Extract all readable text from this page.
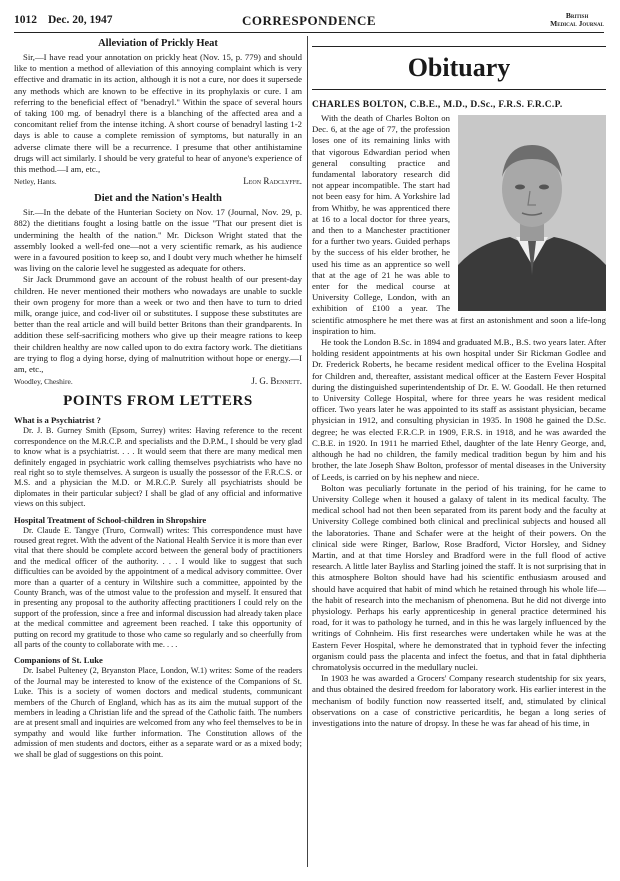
1012 Dec. 20, 1947	CORRESPONDENCE	British
Medical Journal
Alleviation of Prickly Heat

Sir,—I have read your annotation on prickly heat (Nov. 15, p. 779) and should like to mention a method of alleviation of this annoying complaint which is very effective and dramatic in its action, although it is not a cure, nor does it supersede any methods which are known to be effective in its prophylaxis or cure. I am referring to the beneficial effect of "benadryl." Within the space of several hours of taking 100 mg. of benadryl there is a blanching of the affected area and a concomitant relief from the intense itching. A short course of benadryl lasting 1-2 days is able to cause a complete remission of symptoms, but naturally in an adverse climate there will be a recurrence. I presume that other antihistamine drugs will act similarly. I should be very grateful to hear of anyone's experience of this method.—I am, etc.,

Netley, Hants.	Leon Radclyffe.
Diet and the Nation's Health

Sir.—In the debate of the Hunterian Society on Nov. 17 (Journal, Nov. 29, p. 882) the dietitians fought a losing battle on the issue "That our present diet is undermining the health of the nation." Mr. Dickson Wright stated that the assembly looked a well-fed one—not a very scientific remark, as his audience were in a favoured position to keep so, and I doubt very much whether he himself was living on the calorie level he suggested as adequate for others.

Sir Jack Drummond gave an account of the robust health of our present-day children. He never mentioned their mothers who nowadays are unable to suckle their own progeny for more than a week or two and then have to turn to dried milk, orange juice, and cod-liver oil or substitutes. I suppose these substitutes are better than the real article and will build better Britons than their grandparents. In addition these self-sacrificing mothers who give up their meagre rations to keep their children healthy are now called upon to do extra factory work. The dietitians are trying to flog a dying horse, dying of malnutrition without hope or energy.—I am, etc.,

Woodley, Cheshire.	J. G. Bennett.
POINTS FROM LETTERS
What is a Psychiatrist ?

Dr. J. B. Gurney Smith (Epsom, Surrey) writes: Having reference to the recent correspondence on the M.R.C.P. and specialists and the D.P.M., I should be very glad to know what is a psychiatrist. . . . It would seem that there are many medical men definitely engaged in psychiatric work calling themselves psychiatrists who have no real right so to style themselves. A surgeon is usually the possessor of the F.R.C.S. or M.S. and a physician the M.D. or M.R.C.P. Surely all psychiatrists should be diplomates in their particular subject? I shall be glad of any official and informative views on this subject.

Hospital Treatment of School-children in Shropshire

Dr. Claude E. Tangye (Truro, Cornwall) writes: This correspondence must have roused great regret. With the advent of the National Health Service it is more than ever vital that there should be complete accord between the general body of practitioners and the medical officer of the authority. . . . I would like to suggest that such difficulties can be avoided by the appointment of a medical advisory committee. Over more than a quarter of a century in Wiltshire such a committee, appointed by the County Branch, was of the utmost value to the profession and myself. It ensured that in presenting any proposal to the authority affecting practitioners I could rely on the support of the profession, since a free and informal discussion had already taken place at the medical committee and agreement been reached. I take this opportunity of putting on record my gratitude to those who came so regularly and so cheerfully from all parts of the county to collaborate with me. . . .

Companions of St. Luke

Dr. Isabel Pulteney (2, Bryanston Place, London, W.1) writes: Some of the readers of the Journal may be interested to know of the existence of the Companions of St. Luke. This is a society of women doctors and medical students, communicant members of the Church of England, which has as its aim the mutual support of the members in leading a Christian life and the spread of the Catholic faith. The numbers are at present small and inquiries are welcomed from any who feel themselves to be in sympathy and would like further information. The Constitution allows of the admission of men students and doctors, either as a separate ward or as a mixed body; we shall be glad of suggestions on this point.

Obituary
CHARLES BOLTON, C.B.E., M.D., D.Sc., F.R.S. F.R.C.P.

With the death of Charles Bolton on Dec. 6, at the age of 77, the profession loses one of its remaining links with that vigorous Edwardian period when general consulting practice and fundamental laboratory research did not appear incompatible. The start had not been easy for him. A Yorkshire lad from Whitby, he was apprenticed there at 16 to a local doctor for three years, and then to a Manchester practitioner for a further two years. Guided perhaps by the success of his elder brother, he used his time as an apprentice so well that at the age of 21 he was able to enter for the medical course at University College, London, with an exhibition of £100 a year. The scientific atmosphere he met there was at first an astonishment and soon a life-long inspiration to him.

He took the London B.Sc. in 1894 and graduated M.B., B.S. two years later. After holding resident appointments at his own hospital under Sir Rickman Godlee and Dr. Frederick Roberts, he became resident medical officer to the Evelina Hospital for Children and, thereafter, assistant medical officer at the Eastern Fever Hospital during the distinguished superintendentship of Dr. E. W. Goodall. He then returned to University College Hospital, where for three years he was resident medical officer. Two years later he was appointed to its staff as assistant physician, became physician in 1912, and consulting physician in 1935. In 1908 he gained the D.Sc. degree; he was elected F.R.C.P. in 1909, F.R.S. in 1918, and he was awarded the C.B.E. in 1920. In 1911 he married Ethel, daughter of the late Henry George, and, although he had no children, the family medical tradition begun by him and his brother, the late Joseph Shaw Bolton, professor of mental diseases in the University of Leeds, is carried on by his nephew and niece.

Bolton was peculiarly fortunate in the period of his training, for he came to University College when it housed a galaxy of talent in its medical faculty. The medical school had not then been separated from its parent body and the faculty at University College combined both clinical and preclinical subjects and housed all the laboratories. Thane and Schafer were at the height of their powers. On the clinical side were Ringer, Barlow, Rose Bradford, Victor Horsley, and Sidney Martin, and at that time Horsley and Bradford were in the full flood of active research. A little later Bayliss and Starling joined the staff. It is not surprising that in this atmosphere Bolton should have had his scientific enthusiasm aroused and should have acquired that habit of mind which he retained through his whole life—the habit of research into the mechanism of phenomena. But he did not diverge into physiology. Perhaps his early apprenticeship in general practice determined his road, for it was to pathology he turned, and in this he was largely influenced by the writings of Cohnheim. His first researches were undertaken while he was at the Eastern Fever Hospital, where he demonstrated that in typhoid fever the infecting organism could pass the placenta and infect the foetus, and that in fatal diphtheria chromatolysis occurred in the medullary nuclei.

In 1903 he was awarded a Grocers' Company research studentship for six years, and thus obtained the desired freedom for laboratory work. His earlier interest in the mechanism of bodily function now reasserted itself, and, stimulated by clinical observations on a case of constrictive pericarditis, he began a long series of investigations into the nature of dropsy. In these he was far ahead of his time, in
